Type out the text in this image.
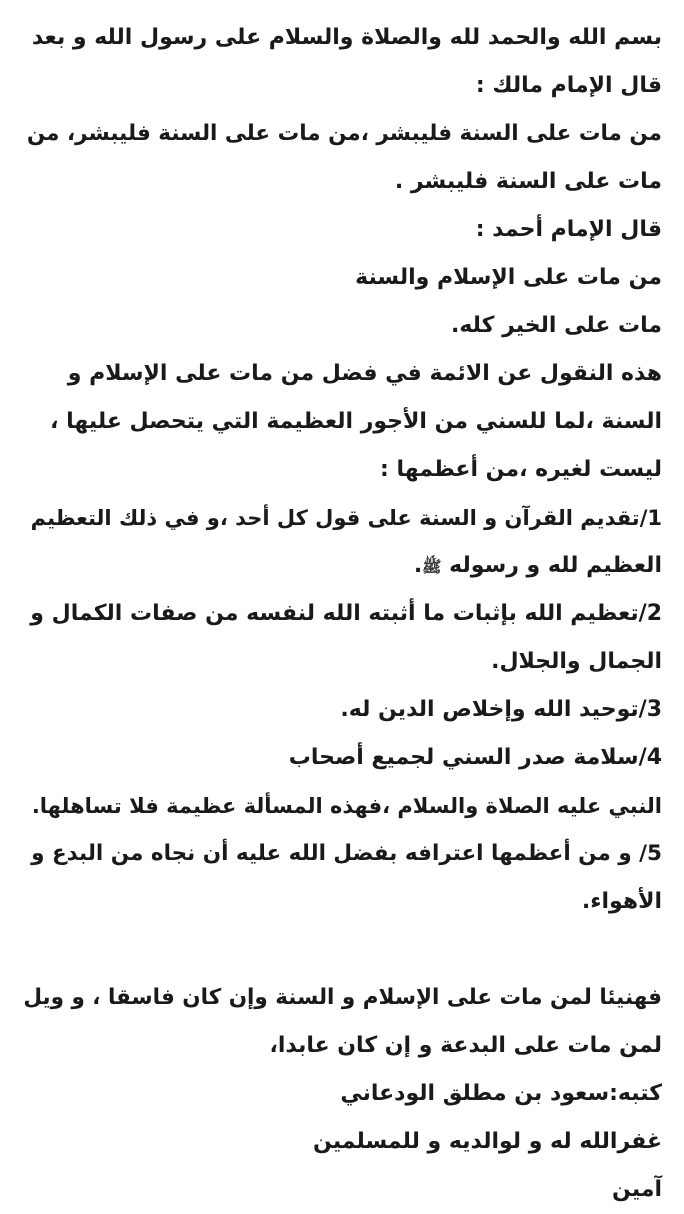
بسم الله والحمد لله والصلاة والسلام على رسول الله و بعد
قال الإمام مالك :
من مات على السنة فليبشر ،من مات على السنة فليبشر، من
مات على السنة فليبشر .
قال الإمام أحمد :
من مات على الإسلام والسنة
مات على الخير كله.
هذه النقول عن الائمة في فضل من مات على الإسلام و
السنة ،لما للسني من الأجور العظيمة التي يتحصل عليها ،
ليست لغيره ،من أعظمها :
1/تقديم القرآن و السنة على قول كل أحد ،و في ذلك التعظيم
العظيم لله و رسوله ﷺ.
2/تعظيم الله بإثبات ما أثبته الله لنفسه من صفات الكمال و
الجمال والجلال.
3/توحيد الله وإخلاص الدين له.
4/سلامة صدر السني لجميع أصحاب
النبي عليه الصلاة والسلام ،فهذه المسألة عظيمة فلا تساهلها.
5/ و من أعظمها اعترافه بفضل الله عليه أن نجاه من البدع و
الأهواء.
فهنيئا لمن مات على الإسلام و السنة وإن كان فاسقا ، و ويل
لمن مات على البدعة و إن كان عابدا،
كتبه:سعود بن مطلق الودعاني
غفرالله له و لوالديه و للمسلمين
آمين
